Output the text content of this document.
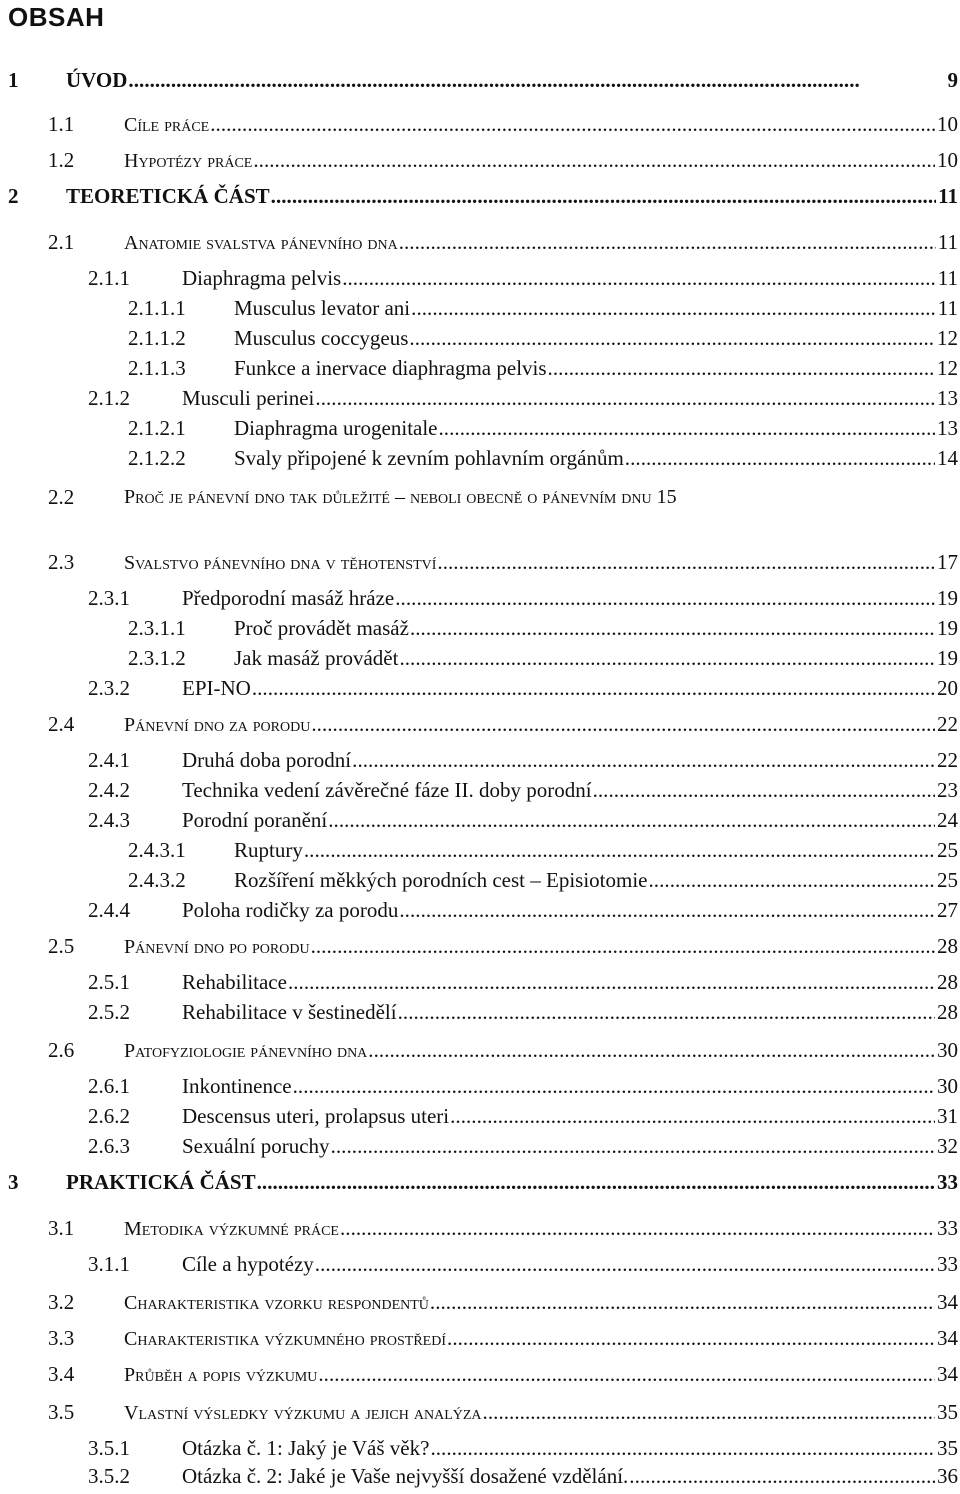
OBSAH
1	ÚVOD . . .	9
1.1	Cíle práce . . .	10
1.2	Hypotézy práce . . .	10
2	TEORETICKÁ ČÁST . . .	11
2.1	Anatomie svalstva pánevního dna . . .	11
2.1.1	Diaphragma pelvis . . .	11
2.1.1.1	Musculus levator ani . . .	11
2.1.1.2	Musculus coccygeus . . .	12
2.1.1.3	Funkce a inervace diaphragma pelvis . . .	12
2.1.2	Musculi perinei . . .	13
2.1.2.1	Diaphragma urogenitale . . .	13
2.1.2.2	Svaly připojené k zevním pohlavním orgánům . . .	14
2.2	Proč je pánevní dno tak důležité – neboli obecně o pánevním dnu 15
2.3	Svalstvo pánevního dna v těhotenství . . .	17
2.3.1	Předporodní masáž hráze . . .	19
2.3.1.1	Proč provádět masáž . . .	19
2.3.1.2	Jak masáž provádět . . .	19
2.3.2	EPI-NO . . .	20
2.4	Pánevní dno za porodu . . .	22
2.4.1	Druhá doba porodní . . .	22
2.4.2	Technika vedení závěrečné fáze II. doby porodní . . .	23
2.4.3	Porodní poranění . . .	24
2.4.3.1	Ruptury . . .	25
2.4.3.2	Rozšíření měkkých porodních cest – Episiotomie . . .	25
2.4.4	Poloha rodičky za porodu . . .	27
2.5	Pánevní dno po porodu . . .	28
2.5.1	Rehabilitace . . .	28
2.5.2	Rehabilitace v šestinedělí . . .	28
2.6	Patofyziologie pánevního dna . . .	30
2.6.1	Inkontinence . . .	30
2.6.2	Descensus uteri, prolapsus uteri . . .	31
2.6.3	Sexuální poruchy . . .	32
3	PRAKTICKÁ ČÁST . . .	33
3.1	Metodika výzkumné práce . . .	33
3.1.1	Cíle a hypotézy . . .	33
3.2	Charakteristika vzorku respondentů . . .	34
3.3	Charakteristika výzkumného prostředí . . .	34
3.4	Průběh a popis výzkumu . . .	34
3.5	Vlastní výsledky výzkumu a jejich analýza . . .	35
3.5.1	Otázka č. 1: Jaký je Váš věk? . . .	35
3.5.2	Otázka č. 2: Jaké je Vaše nejvyšší dosažené vzdělání. . . .	36
